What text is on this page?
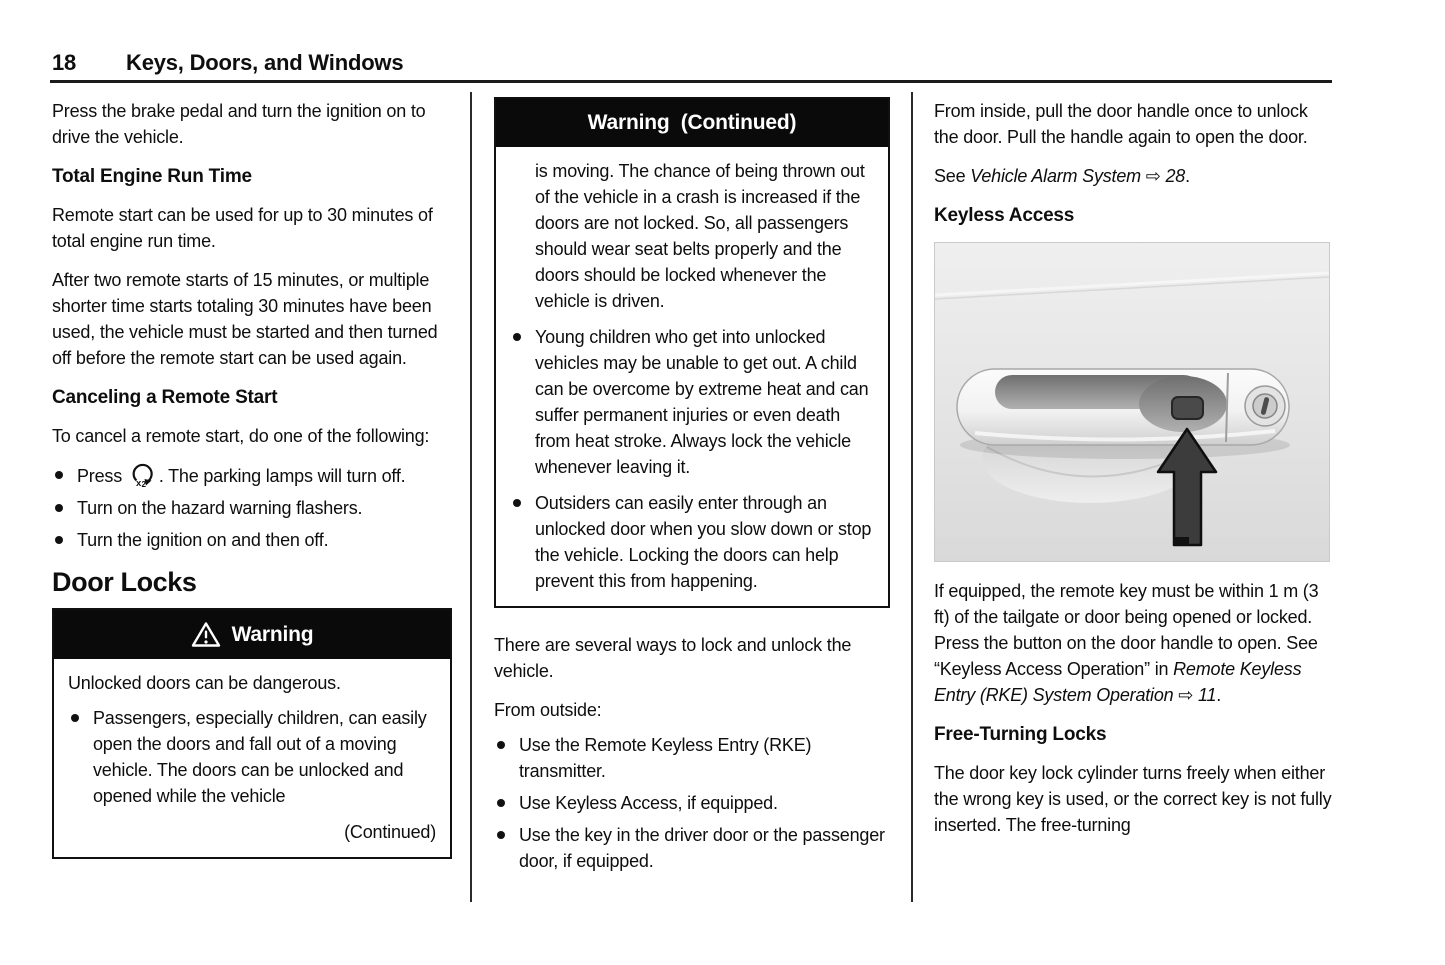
18 Keys, Doors, and Windows

Press the brake pedal and turn the ignition on to drive the vehicle.

Total Engine Run Time

Remote start can be used for up to 30 minutes of total engine run time.

After two remote starts of 15 minutes, or multiple shorter time starts totaling 30 minutes have been used, the vehicle must be started and then turned off before the remote start can be used again.

Canceling a Remote Start

To cancel a remote start, do one of the following:

Press x 2 . The parking lamps will turn off.
Turn on the hazard warning flashers.
Turn the ignition on and then off.
Door Locks
Warning

Unlocked doors can be dangerous.

Passengers, especially children, can easily open the doors and fall out of a moving vehicle. The doors can be unlocked and opened while the vehicle

(Continued)

Warning  (Continued)

is moving. The chance of being thrown out of the vehicle in a crash is increased if the doors are not locked. So, all passengers should wear seat belts properly and the doors should be locked whenever the vehicle is driven.

Young children who get into unlocked vehicles may be unable to get out. A child can be overcome by extreme heat and can suffer permanent injuries or even death from heat stroke. Always lock the vehicle whenever leaving it.
Outsiders can easily enter through an unlocked door when you slow down or stop the vehicle. Locking the doors can help prevent this from happening.

There are several ways to lock and unlock the vehicle.

From outside:

Use the Remote Keyless Entry (RKE) transmitter.
Use Keyless Access, if equipped.
Use the key in the driver door or the passenger door, if equipped.

From inside, pull the door handle once to unlock the door. Pull the handle again to open the door.

See Vehicle Alarm System ⇨ 28.

Keyless Access

If equipped, the remote key must be within 1 m (3 ft) of the tailgate or door being opened or locked. Press the button on the door handle to open. See “Keyless Access Operation” in Remote Keyless Entry (RKE) System Operation ⇨ 11.

Free-Turning Locks

The door key lock cylinder turns freely when either the wrong key is used, or the correct key is not fully inserted. The free-turning
